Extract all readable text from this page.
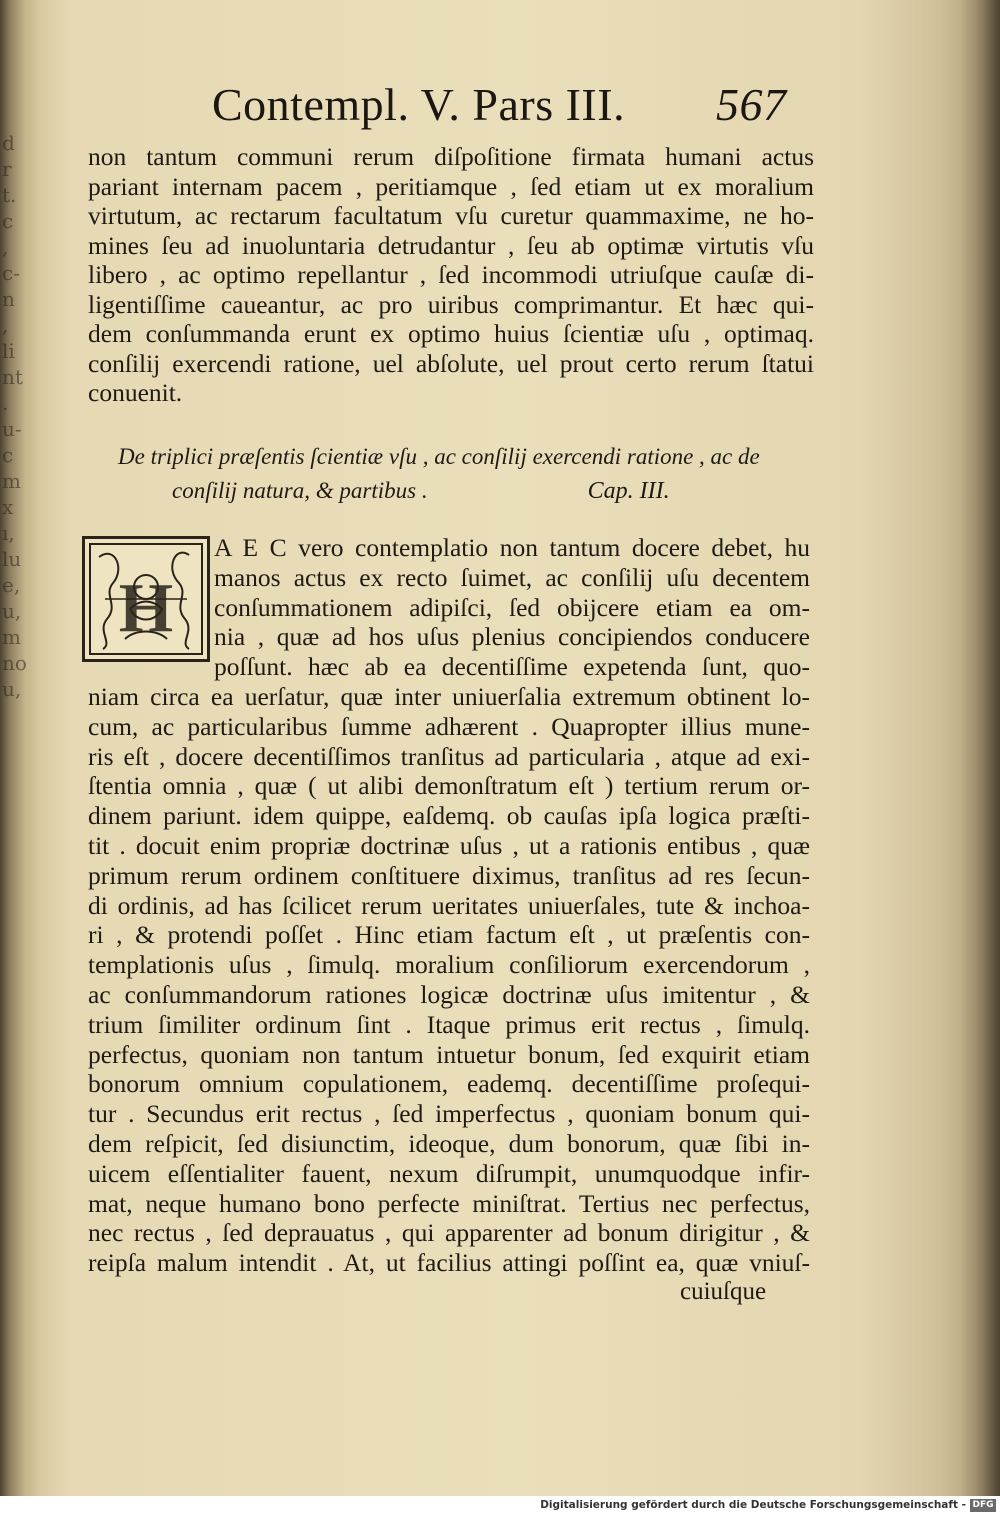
d
r
t.
c
,
c-
n
,
li
nt
.
u-
c
m
x
ı,
lu
e,
u,
m
no
u,
Contempl. V. Pars III. 567
non tantum communi rerum diſpoſitione firmata humani actus
pariant internam pacem , peritiamque , ſed etiam ut ex moralium
virtutum, ac rectarum facultatum vſu curetur quammaxime, ne ho-
mines ſeu ad inuoluntaria detrudantur , ſeu ab optimæ virtutis vſu
libero , ac optimo repellantur , ſed incommodi utriuſque cauſæ di-
ligentiſſime caueantur, ac pro uiribus comprimantur. Et hæc qui-
dem conſummanda erunt ex optimo huius ſcientiæ uſu , optimaq.
conſilij exercendi ratione, uel abſolute, uel prout certo rerum ſtatui
conuenit.
De triplici præſentis ſcientiæ vſu , ac conſilij exercendi ratione , ac de
conſilij natura, & partibus .	Cap. III.
H
A E C vero contemplatio non tantum docere debet, hu
manos actus ex recto ſuimet, ac conſilij uſu decentem
conſummationem adipiſci, ſed obijcere etiam ea om-
nia , quæ ad hos uſus plenius concipiendos conducere
poſſunt. hæc ab ea decentiſſime expetenda ſunt, quo-
niam circa ea uerſatur, quæ inter uniuerſalia extremum obtinent lo-
cum, ac particularibus ſumme adhærent . Quapropter illius mune-
ris eſt , docere decentiſſimos tranſitus ad particularia , atque ad exi-
ſtentia omnia , quæ ( ut alibi demonſtratum eſt ) tertium rerum or-
dinem pariunt. idem quippe, eaſdemq. ob cauſas ipſa logica præſti-
tit . docuit enim propriæ doctrinæ uſus , ut a rationis entibus , quæ
primum rerum ordinem conſtituere diximus, tranſitus ad res ſecun-
di ordinis, ad has ſcilicet rerum ueritates uniuerſales, tute & inchoa-
ri , & protendi poſſet . Hinc etiam factum eſt , ut præſentis con-
templationis uſus , ſimulq. moralium conſiliorum exercendorum ,
ac conſummandorum rationes logicæ doctrinæ uſus imitentur , &
trium ſimiliter ordinum ſint . Itaque primus erit rectus , ſimulq.
perfectus, quoniam non tantum intuetur bonum, ſed exquirit etiam
bonorum omnium copulationem, eademq. decentiſſime proſequi-
tur . Secundus erit rectus , ſed imperfectus , quoniam bonum qui-
dem reſpicit, ſed disiunctim, ideoque, dum bonorum, quæ ſibi in-
uicem eſſentialiter fauent, nexum diſrumpit, unumquodque infir-
mat, neque humano bono perfecte miniſtrat. Tertius nec perfectus,
nec rectus , ſed deprauatus , qui apparenter ad bonum dirigitur , &
reipſa malum intendit . At, ut facilius attingi poſſint ea, quæ vniuſ-
cuiuſque
Digitalisierung gefördert durch die Deutsche Forschungsgemeinschaft - DFG
